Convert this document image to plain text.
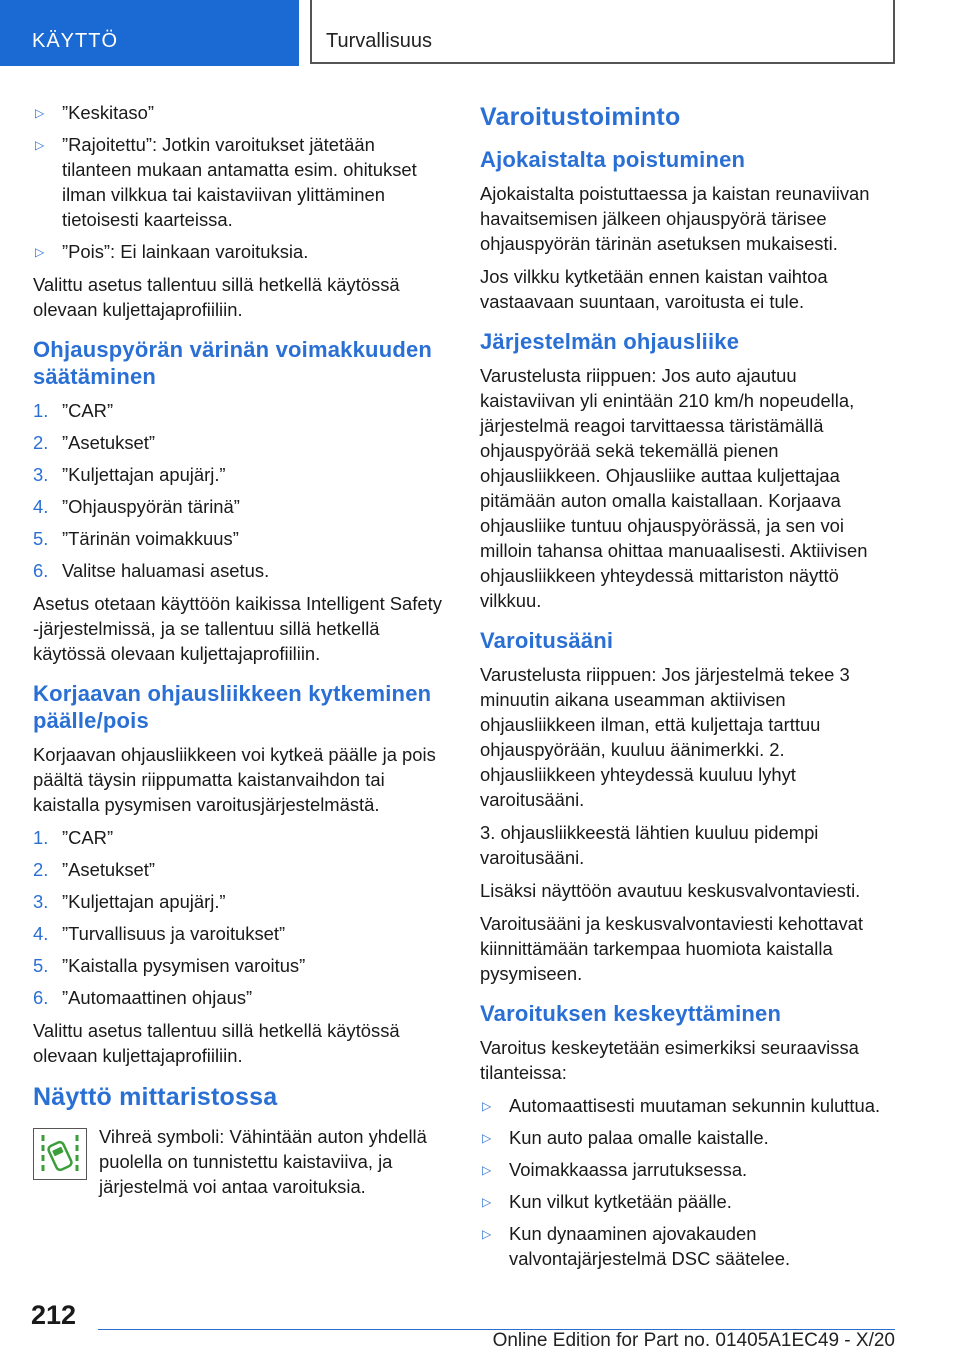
KÄYTTÖ	Turvallisuus
▷ ”Keskitaso”
▷ ”Rajoitettu”: Jotkin varoitukset jätetään tilanteen mukaan antamatta esim. ohitukset ilman vilkkua tai kaistaviivan ylittäminen tietoisesti kaarteissa.
▷ ”Pois”: Ei lainkaan varoituksia.

Valittu asetus tallentuu sillä hetkellä käytössä olevaan kuljettajaprofiiliin.

Ohjauspyörän värinän voimakkuuden säätäminen
1. ”CAR”
2. ”Asetukset”
3. ”Kuljettajan apujärj.”
4. ”Ohjauspyörän tärinä”
5. ”Tärinän voimakkuus”
6. Valitse haluamasi asetus.

Asetus otetaan käyttöön kaikissa Intelligent Safety -järjestelmissä, ja se tallentuu sillä hetkellä käytössä olevaan kuljettajaprofiiliin.

Korjaavan ohjausliikkeen kytkeminen päälle/pois

Korjaavan ohjausliikkeen voi kytkeä päälle ja pois päältä täysin riippumatta kaistanvaihdon tai kaistalla pysymisen varoitusjärjestelmästä.

1. ”CAR”
2. ”Asetukset”
3. ”Kuljettajan apujärj.”
4. ”Turvallisuus ja varoitukset”
5. ”Kaistalla pysymisen varoitus”
6. ”Automaattinen ohjaus”

Valittu asetus tallentuu sillä hetkellä käytössä olevaan kuljettajaprofiiliin.

Näyttö mittaristossa

Vihreä symboli: Vähintään auton yhdellä puolella on tunnistettu kaistaviiva, ja järjestelmä voi antaa varoituksia.

Varoitustoiminto
Ajokaistalta poistuminen

Ajokaistalta poistuttaessa ja kaistan reunaviivan havaitsemisen jälkeen ohjauspyörä tärisee ohjauspyörän tärinän asetuksen mukaisesti.

Jos vilkku kytketään ennen kaistan vaihtoa vastaavaan suuntaan, varoitusta ei tule.

Järjestelmän ohjausliike

Varustelusta riippuen: Jos auto ajautuu kaistaviivan yli enintään 210 km/h nopeudella, järjestelmä reagoi tarvittaessa täristämällä ohjauspyörää sekä tekemällä pienen ohjausliikkeen. Ohjausliike auttaa kuljettajaa pitämään auton omalla kaistallaan. Korjaava ohjausliike tuntuu ohjauspyörässä, ja sen voi milloin tahansa ohittaa manuaalisesti. Aktiivisen ohjausliikkeen yhteydessä mittariston näyttö vilkkuu.

Varoitusääni

Varustelusta riippuen: Jos järjestelmä tekee 3 minuutin aikana useamman aktiivisen ohjausliikkeen ilman, että kuljettaja tarttuu ohjauspyörään, kuuluu äänimerkki. 2. ohjausliikkeen yhteydessä kuuluu lyhyt varoitusääni.

3. ohjausliikkeestä lähtien kuuluu pidempi varoitusääni.

Lisäksi näyttöön avautuu keskusvalvontaviesti.

Varoitusääni ja keskusvalvontaviesti kehottavat kiinnittämään tarkempaa huomiota kaistalla pysymiseen.

Varoituksen keskeyttäminen

Varoitus keskeytetään esimerkiksi seuraavissa tilanteissa:

▷ Automaattisesti muutaman sekunnin kuluttua.
▷ Kun auto palaa omalle kaistalle.
▷ Voimakkaassa jarrutuksessa.
▷ Kun vilkut kytketään päälle.
▷ Kun dynaaminen ajovakauden valvontajärjestelmä DSC säätelee.
212
Online Edition for Part no. 01405A1EC49 - X/20
